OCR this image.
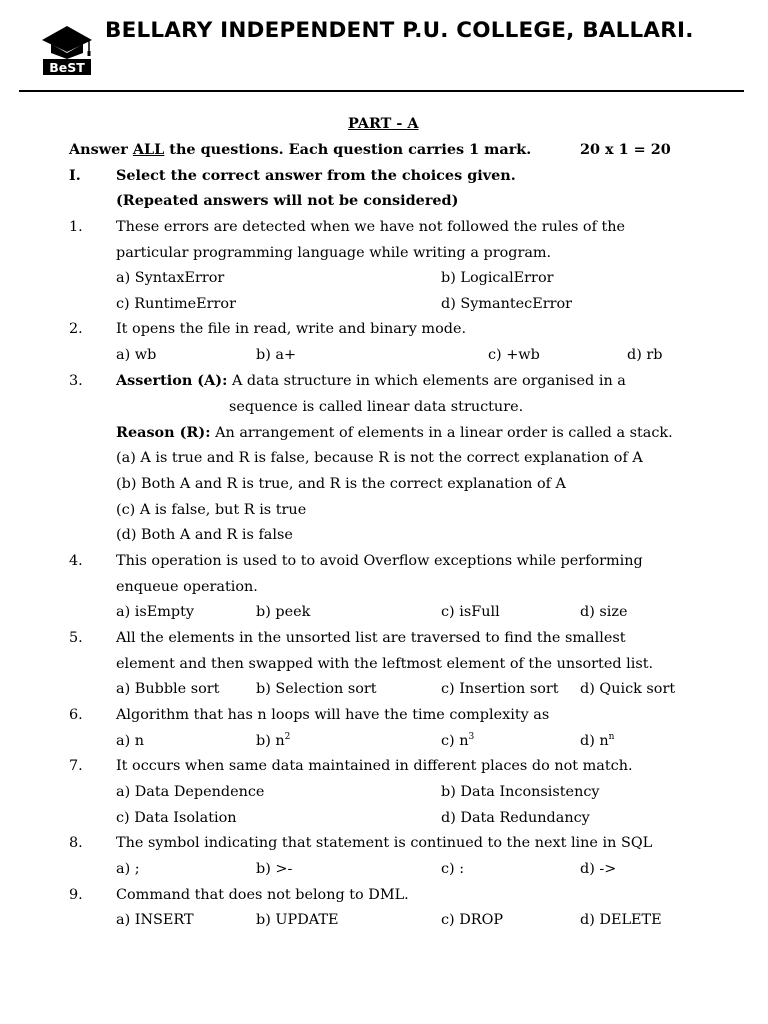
BeST
BELLARY INDEPENDENT P.U. COLLEGE, BALLARI.
PART - A
Answer ALL the questions. Each question carries 1 mark.	20 x 1 = 20
I. Select the correct answer from the choices given.
(Repeated answers will not be considered)
1. These errors are detected when we have not followed the rules of the
particular programming language while writing a program.
a) SyntaxError	b) LogicalError
c) RuntimeError	d) SymantecError
2. It opens the file in read, write and binary mode.
a) wb	b) a+	c) +wb	d) rb
3. Assertion (A): A data structure in which elements are organised in a
sequence is called linear data structure.
Reason (R): An arrangement of elements in a linear order is called a stack.
(a) A is true and R is false, because R is not the correct explanation of A
(b) Both A and R is true, and R is the correct explanation of A
(c) A is false, but R is true
(d) Both A and R is false
4. This operation is used to to avoid Overflow exceptions while performing
enqueue operation.
a) isEmpty	b) peek	c) isFull	d) size
5. All the elements in the unsorted list are traversed to find the smallest
element and then swapped with the leftmost element of the unsorted list.
a) Bubble sort	b) Selection sort	c) Insertion sort d) Quick sort
6. Algorithm that has n loops will have the time complexity as
a) n	b) $n^2$	c) $n^3$	d) $n^n$
7. It occurs when same data maintained in different places do not match.
a) Data Dependence	b) Data Inconsistency
c) Data Isolation	d) Data Redundancy
8. The symbol indicating that statement is continued to the next line in SQL
a) ;	b) >-	c) :	d) ->
9. Command that does not belong to DML.
a) INSERT	b) UPDATE	c) DROP	d) DELETE
